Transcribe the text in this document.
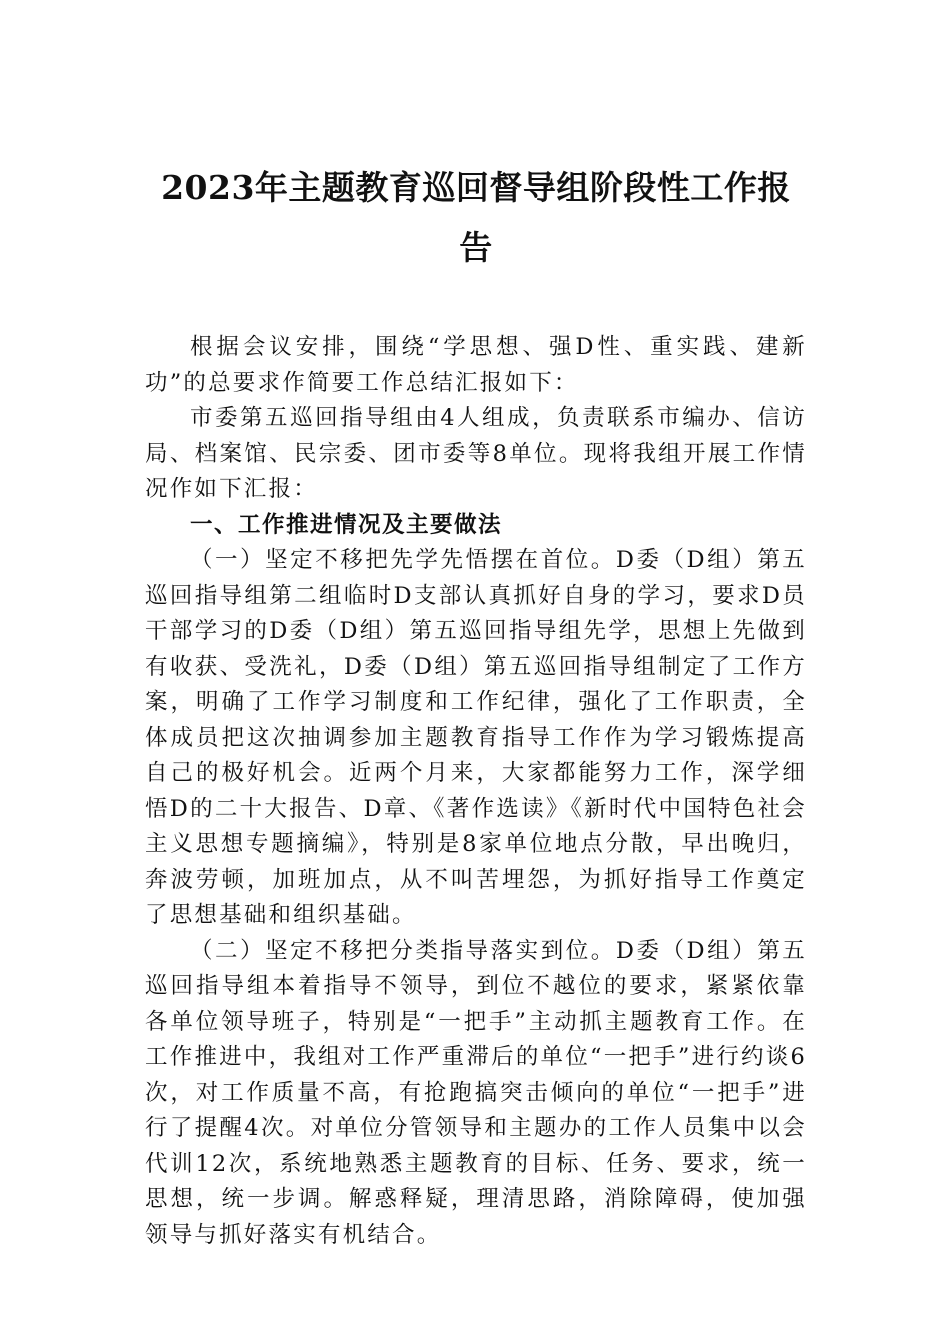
2023年主题教育巡回督导组阶段性工作报告

根据会议安排，围绕“学思想、强D性、重实践、建新功”的总要求作简要工作总结汇报如下：

市委第五巡回指导组由4人组成，负责联系市编办、信访局、档案馆、民宗委、团市委等8单位。现将我组开展工作情况作如下汇报：

一、工作推进情况及主要做法

（一）坚定不移把先学先悟摆在首位。D委（D组）第五巡回指导组第二组临时D支部认真抓好自身的学习，要求D员干部学习的D委（D组）第五巡回指导组先学，思想上先做到有收获、受洗礼，D委（D组）第五巡回指导组制定了工作方案，明确了工作学习制度和工作纪律，强化了工作职责，全体成员把这次抽调参加主题教育指导工作作为学习锻炼提高自己的极好机会。近两个月来，大家都能努力工作，深学细悟D的二十大报告、D章、《著作选读》《新时代中国特色社会主义思想专题摘编》，特别是8家单位地点分散，早出晚归，奔波劳顿，加班加点，从不叫苦埋怨，为抓好指导工作奠定了思想基础和组织基础。

（二）坚定不移把分类指导落实到位。D委（D组）第五巡回指导组本着指导不领导，到位不越位的要求，紧紧依靠各单位领导班子，特别是“一把手”主动抓主题教育工作。在工作推进中，我组对工作严重滞后的单位“一把手”进行约谈6次，对工作质量不高，有抢跑搞突击倾向的单位“一把手”进行了提醒4次。对单位分管领导和主题办的工作人员集中以会代训12次，系统地熟悉主题教育的目标、任务、要求，统一思想，统一步调。解惑释疑，理清思路，消除障碍，使加强领导与抓好落实有机结合。
